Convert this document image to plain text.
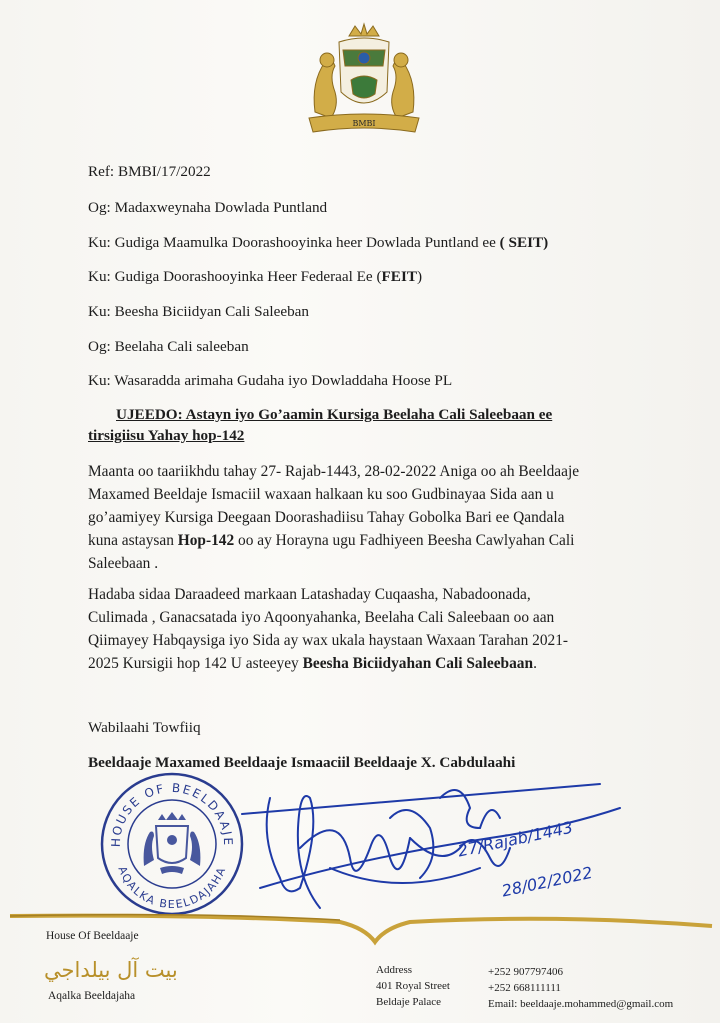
BMBI
Ref: BMBI/17/2022
Og: Madaxweynaha Dowlada Puntland
Ku: Gudiga Maamulka Doorashooyinka heer Dowlada Puntland ee ( SEIT)
Ku: Gudiga Doorashooyinka Heer Federaal Ee (FEIT)
Ku: Beesha Biciidyan Cali Saleeban
Og: Beelaha Cali saleeban
Ku: Wasaradda arimaha Gudaha iyo Dowladdaha Hoose PL
UJEEDO: Astayn iyo Go’aamin Kursiga Beelaha Cali Saleebaan ee
tirsigiisu Yahay hop-142
Maanta oo taariikhdu tahay 27- Rajab-1443, 28-02-2022 Aniga oo ah Beeldaaje
Maxamed Beeldaje Ismaciil waxaan halkaan ku soo Gudbinayaa Sida aan u
go’aamiyey Kursiga Deegaan Doorashadiisu Tahay Gobolka Bari ee Qandala
kuna astaysan Hop-142 oo ay Horayna ugu Fadhiyeen Beesha Cawlyahan Cali
Saleebaan .
Hadaba sidaa Daraadeed markaan Latashaday Cuqaasha, Nabadoonada,
Culimada , Ganacsatada iyo Aqoonyahanka, Beelaha Cali Saleebaan oo aan
Qiimayey Habqaysiga iyo Sida ay wax ukala haystaan Waxaan Tarahan 2021-
2025 Kursigii hop 142 U asteeyey Beesha Biciidyahan Cali Saleebaan.
Wabilaahi Towfiiq
Beeldaaje Maxamed Beeldaaje Ismaaciil Beeldaaje X. Cabdulaahi
HOUSE OF BEELDAAJE
AQALKA BEELDAJAHA
27/Rajab/1443
28/02/2022
House Of Beeldaaje
بيت آل بيلداجي
Aqalka Beeldajaha
Address
401 Royal Street
Beldaje Palace
+252 907797406
+252 668111111
Email: beeldaaje.mohammed@gmail.com
